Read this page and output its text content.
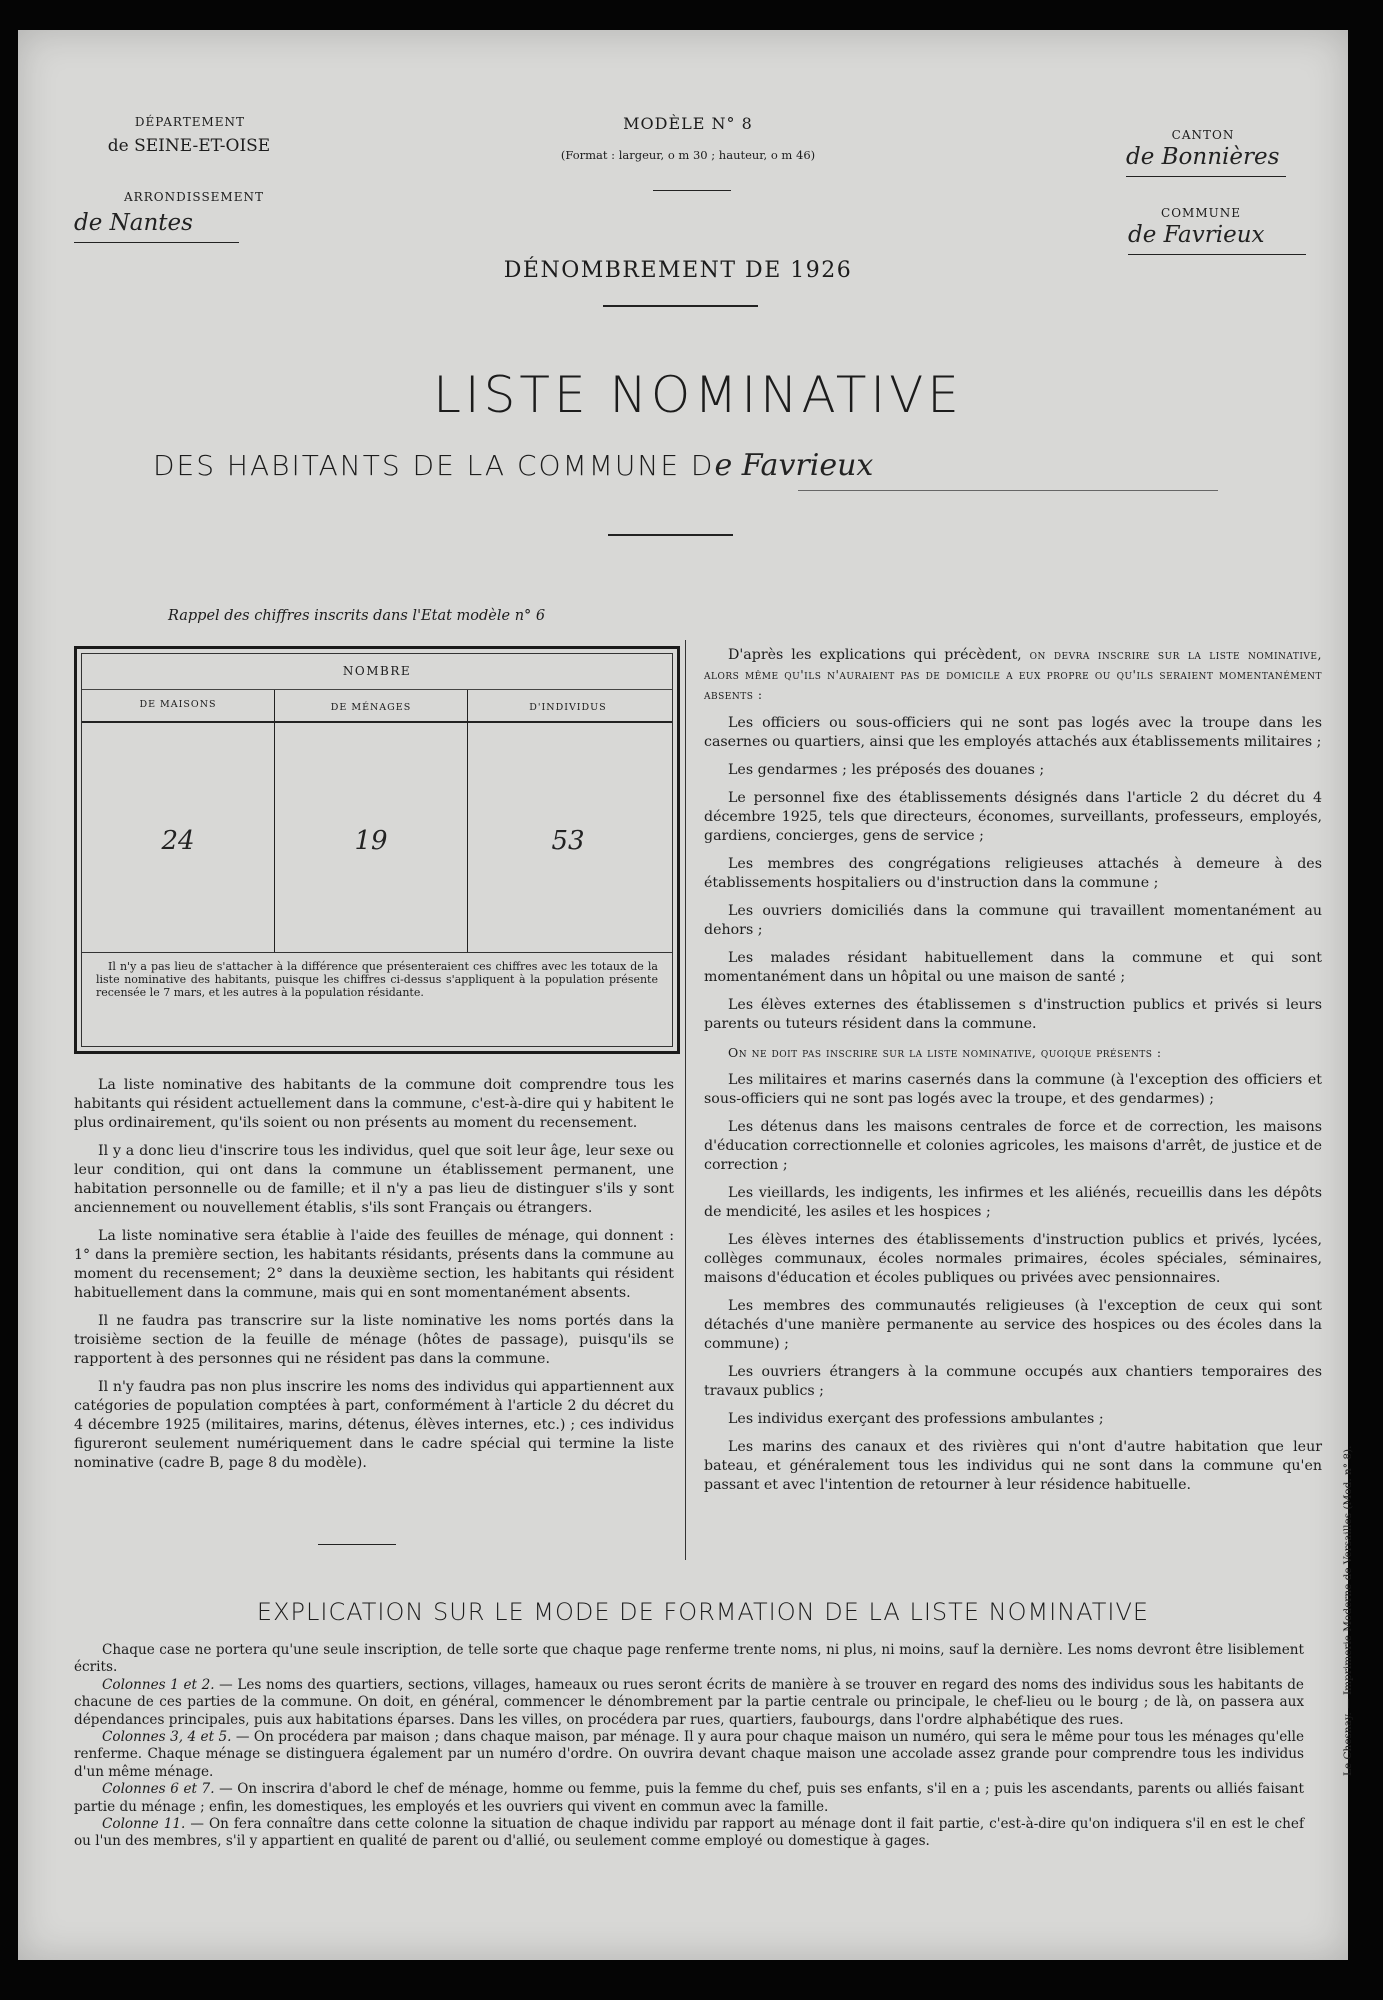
DÉPARTEMENT
de SEINE-ET-OISE
ARRONDISSEMENT
de Nantes
MODÈLE N° 8
(Format : largeur, o m 30 ; hauteur, o m 46)
CANTON
de Bonnières
COMMUNE
de Favrieux
DÉNOMBREMENT DE 1926
LISTE NOMINATIVE
DES HABITANTS DE LA COMMUNE De Favrieux
Rappel des chiffres inscrits dans l'Etat modèle n° 6
NOMBRE
DE MAISONS	DE MÉNAGES	D'INDIVIDUS
24	19	53
Il n'y a pas lieu de s'attacher à la différence que présenteraient ces chiffres avec les totaux de la liste nominative des habitants, puisque les chiffres ci-dessus s'appliquent à la population présente recensée le 7 mars, et les autres à la population résidante.

La liste nominative des habitants de la commune doit comprendre tous les habitants qui résident actuellement dans la commune, c'est-à-dire qui y habitent le plus ordinairement, qu'ils soient ou non présents au moment du recensement.

Il y a donc lieu d'inscrire tous les individus, quel que soit leur âge, leur sexe ou leur condition, qui ont dans la commune un établissement permanent, une habitation personnelle ou de famille; et il n'y a pas lieu de distinguer s'ils y sont anciennement ou nouvellement établis, s'ils sont Français ou étrangers.

La liste nominative sera établie à l'aide des feuilles de ménage, qui donnent : 1° dans la première section, les habitants résidants, présents dans la commune au moment du recensement; 2° dans la deuxième section, les habitants qui résident habituellement dans la commune, mais qui en sont momentanément absents.

Il ne faudra pas transcrire sur la liste nominative les noms portés dans la troisième section de la feuille de ménage (hôtes de passage), puisqu'ils se rapportent à des personnes qui ne résident pas dans la commune.

Il n'y faudra pas non plus inscrire les noms des individus qui appartiennent aux catégories de population comptées à part, conformément à l'article 2 du décret du 4 décembre 1925 (militaires, marins, détenus, élèves internes, etc.) ; ces individus figureront seulement numériquement dans le cadre spécial qui termine la liste nominative (cadre B, page 8 du modèle).

D'après les explications qui précèdent, on devra inscrire sur la liste nominative, alors même qu'ils n'auraient pas de domicile a eux propre ou qu'ils seraient momentanément absents :

Les officiers ou sous-officiers qui ne sont pas logés avec la troupe dans les casernes ou quartiers, ainsi que les employés attachés aux établissements militaires ;

Les gendarmes ; les préposés des douanes ;

Le personnel fixe des établissements désignés dans l'article 2 du décret du 4 décembre 1925, tels que directeurs, économes, surveillants, professeurs, employés, gardiens, concierges, gens de service ;

Les membres des congrégations religieuses attachés à demeure à des établissements hospitaliers ou d'instruction dans la commune ;

Les ouvriers domiciliés dans la commune qui travaillent momentanément au dehors ;

Les malades résidant habituellement dans la commune et qui sont momentanément dans un hôpital ou une maison de santé ;

Les élèves externes des établissemen s d'instruction publics et privés si leurs parents ou tuteurs résident dans la commune.

On ne doit pas inscrire sur la liste nominative, quoique présents :

Les militaires et marins casernés dans la commune (à l'exception des officiers et sous-officiers qui ne sont pas logés avec la troupe, et des gendarmes) ;

Les détenus dans les maisons centrales de force et de correction, les maisons d'éducation correctionnelle et colonies agricoles, les maisons d'arrêt, de justice et de correction ;

Les vieillards, les indigents, les infirmes et les aliénés, recueillis dans les dépôts de mendicité, les asiles et les hospices ;

Les élèves internes des établissements d'instruction publics et privés, lycées, collèges communaux, écoles normales primaires, écoles spéciales, séminaires, maisons d'éducation et écoles publiques ou privées avec pensionnaires.

Les membres des communautés religieuses (à l'exception de ceux qui sont détachés d'une manière permanente au service des hospices ou des écoles dans la commune) ;

Les ouvriers étrangers à la commune occupés aux chantiers temporaires des travaux publics ;

Les individus exerçant des professions ambulantes ;

Les marins des canaux et des rivières qui n'ont d'autre habitation que leur bateau, et généralement tous les individus qui ne sont dans la commune qu'en passant et avec l'intention de retourner à leur résidence habituelle.

EXPLICATION SUR LE MODE DE FORMATION DE LA LISTE NOMINATIVE

Chaque case ne portera qu'une seule inscription, de telle sorte que chaque page renferme trente noms, ni plus, ni moins, sauf la dernière. Les noms devront être lisiblement écrits.

Colonnes 1 et 2. — Les noms des quartiers, sections, villages, hameaux ou rues seront écrits de manière à se trouver en regard des noms des individus sous les habitants de chacune de ces parties de la commune. On doit, en général, commencer le dénombrement par la partie centrale ou principale, le chef-lieu ou le bourg ; de là, on passera aux dépendances principales, puis aux habitations éparses. Dans les villes, on procédera par rues, quartiers, faubourgs, dans l'ordre alphabétique des rues.

Colonnes 3, 4 et 5. — On procédera par maison ; dans chaque maison, par ménage. Il y aura pour chaque maison un numéro, qui sera le même pour tous les ménages qu'elle renferme. Chaque ménage se distinguera également par un numéro d'ordre. On ouvrira devant chaque maison une accolade assez grande pour comprendre tous les individus d'un même ménage.

Colonnes 6 et 7. — On inscrira d'abord le chef de ménage, homme ou femme, puis la femme du chef, puis ses enfants, s'il en a ; puis les ascendants, parents ou alliés faisant partie du ménage ; enfin, les domestiques, les employés et les ouvriers qui vivent en commun avec la famille.

Colonne 11. — On fera connaître dans cette colonne la situation de chaque individu par rapport au ménage dont il fait partie, c'est-à-dire qu'on indiquera s'il en est le chef ou l'un des membres, s'il y appartient en qualité de parent ou d'allié, ou seulement comme employé ou domestique à gages.

Le Chesnay. — Imprimerie Moderne de Versailles (Mod. n° 8).
